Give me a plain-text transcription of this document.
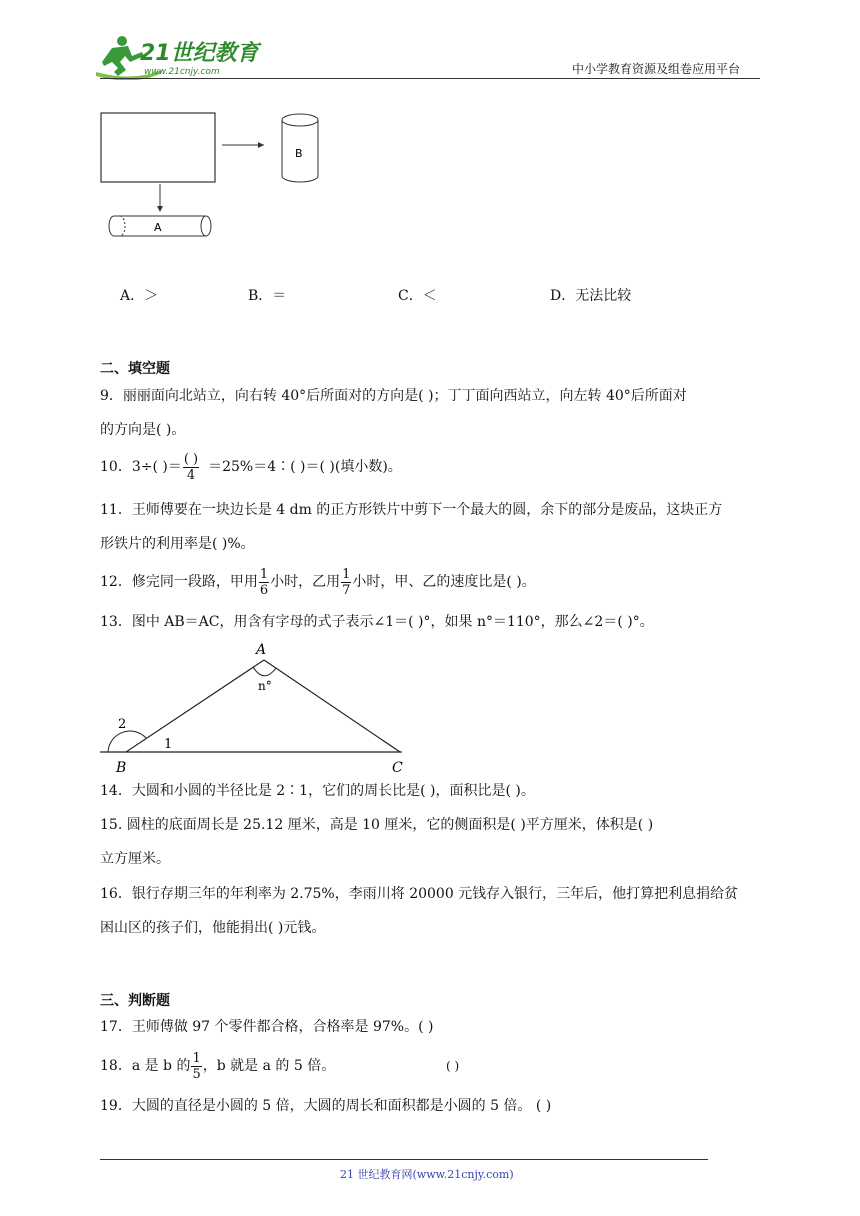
21世纪教育
www.21cnjy.com	中小学教育资源及组卷应用平台
B
A
A．＞	B．＝	C．＜	D．无法比较
二、填空题
9．丽丽面向北站立，向右转 40°后所面对的方向是( )；丁丁面向西站立，向左转 40°后所面对
的方向是( )。
10．3÷( )＝ $\frac{( )}{4}$ ＝25%＝4∶( )＝( )(填小数)。
11．王师傅要在一块边长是 4 dm 的正方形铁片中剪下一个最大的圆，余下的部分是废品，这块正方
形铁片的利用率是( )%。
12．修完同一段路，甲用 $\frac{1}{6}$ 小时，乙用 $\frac{1}{7}$ 小时，甲、乙的速度比是( )。
13．图中 AB＝AC，用含有字母的式子表示∠1＝( )°，如果 n°＝110°，那么∠2＝( )°。
A
B	C
n°
1
2
14．大圆和小圆的半径比是 2∶1，它们的周长比是( )，面积比是( )。
15. 圆柱的底面周长是 25.12 厘米，高是 10 厘米，它的侧面积是( )平方厘米，体积是( )
立方厘米。
16．银行存期三年的年利率为 2.75%，李雨川将 20000 元钱存入银行，三年后，他打算把利息捐给贫
困山区的孩子们，他能捐出( )元钱。
三、判断题
17．王师傅做 97 个零件都合格，合格率是 97%。( )
18．a 是 b 的 $\frac{1}{5}$ ，b 就是 a 的 5 倍。	( )
19．大圆的直径是小圆的 5 倍，大圆的周长和面积都是小圆的 5 倍。 ( )
21 世纪教育网(www.21cnjy.com)
